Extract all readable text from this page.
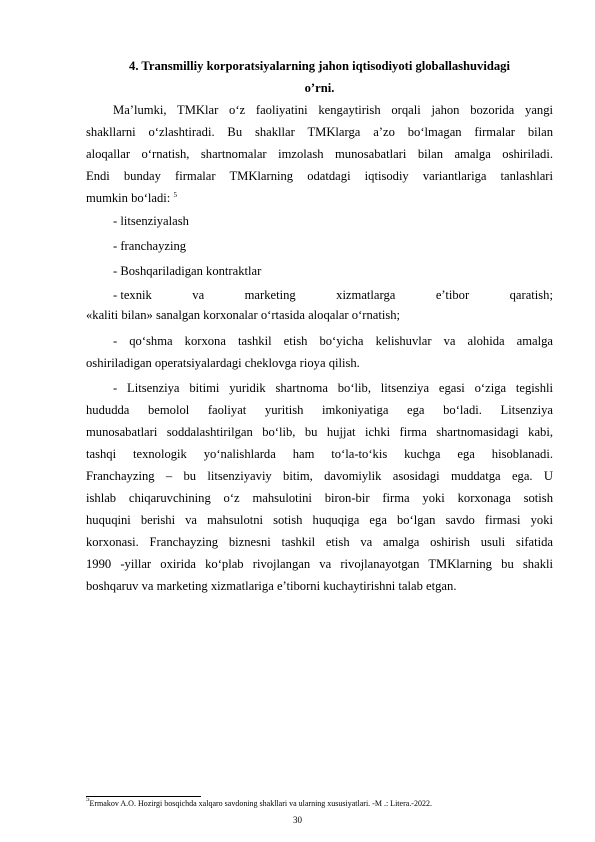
4. Transmilliy korporatsiyalarning jahon iqtisodiyoti globallashuvidagi
o’rni.
Ma’lumki, TMKlar o‘z faoliyatini kengaytirish orqali jahon bozorida yangi
shakllarni o‘zlashtiradi. Bu shakllar TMKlarga a’zo bo‘lmagan firmalar bilan
aloqallar o‘rnatish, shartnomalar imzolash munosabatlari bilan amalga oshiriladi.
Endi bunday firmalar TMKlarning odatdagi iqtisodiy variantlariga tanlashlari
mumkin bo‘ladi: $^5$
- litsenziyalash
- franchayzing
- Boshqariladigan kontraktlar
- texnik	va	marketing	xizmatlarga	e’tibor	qaratish;
«kaliti bilan» sanalgan korxonalar o‘rtasida aloqalar o‘rnatish;
- qo‘shma korxona tashkil etish bo‘yicha kelishuvlar va alohida amalga
oshiriladigan operatsiyalardagi cheklovga rioya qilish.
- Litsenziya bitimi yuridik shartnoma bo‘lib, litsenziya egasi o‘ziga tegishli
hududda bemolol faoliyat yuritish imkoniyatiga ega bo‘ladi. Litsenziya
munosabatlari soddalashtirilgan bo‘lib, bu hujjat ichki firma shartnomasidagi kabi,
tashqi texnologik yo‘nalishlarda ham to‘la-to‘kis kuchga ega hisoblanadi.
Franchayzing – bu litsenziyaviy bitim, davomiylik asosidagi muddatga ega. U
ishlab chiqaruvchining o‘z mahsulotini biron-bir firma yoki korxonaga sotish
huquqini berishi va mahsulotni sotish huquqiga ega bo‘lgan savdo firmasi yoki
korxonasi. Franchayzing biznesni tashkil etish va amalga oshirish usuli sifatida
1990 -yillar oxirida ko‘plab rivojlangan va rivojlanayotgan TMKlarning bu shakli
boshqaruv va marketing xizmatlariga e’tiborni kuchaytirishni talab etgan.
$^5$Ermakov A.O. Hozirgi bosqichda xalqaro savdoning shakllari va ularning xususiyatlari. -M .: Litera.-2022.
30
